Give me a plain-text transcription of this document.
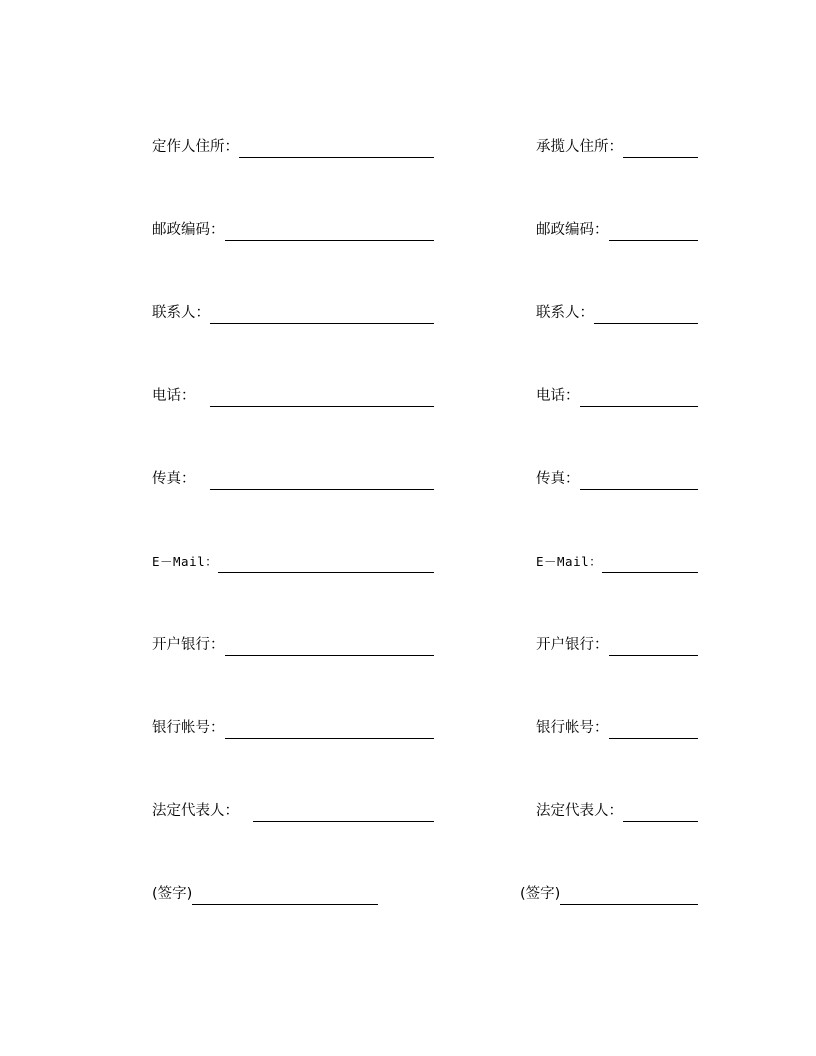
定作人住所：	承揽人住所：
邮政编码：	邮政编码：
联系人：	联系人：
电话：	电话：
传真：	传真：
E－Mail：	E－Mail：
开户银行：	开户银行：
银行帐号：	银行帐号：
法定代表人：	法定代表人：
(签字)	(签字)
